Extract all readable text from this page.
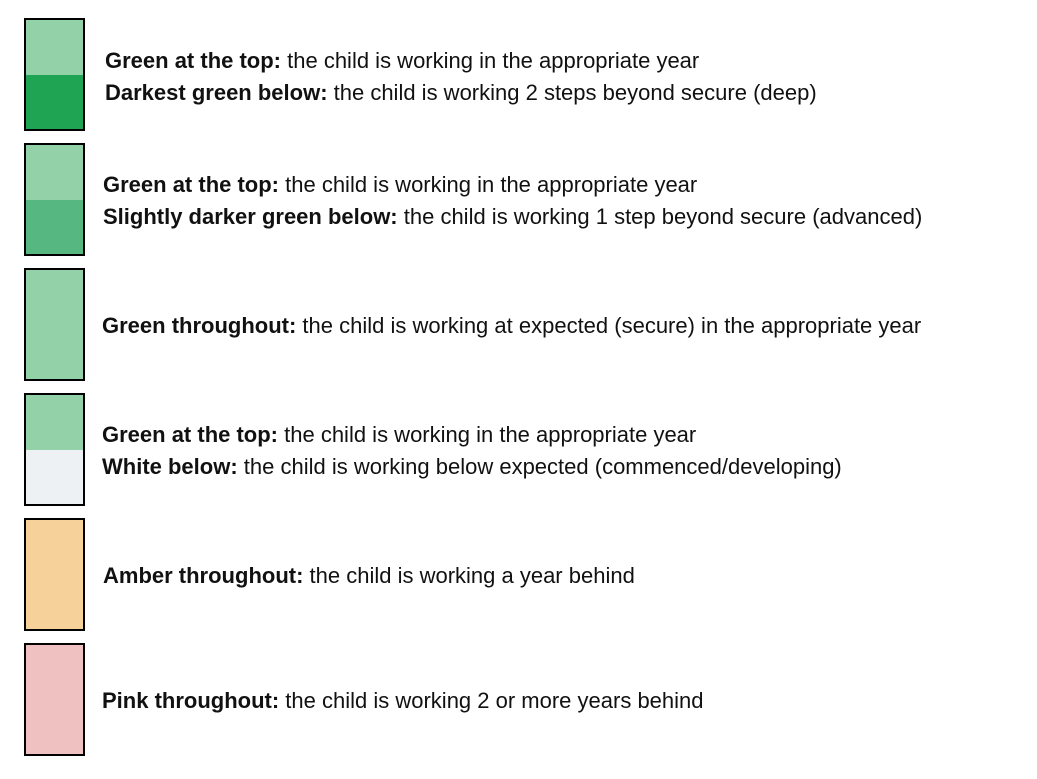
Green at the top: the child is working in the appropriate year
Darkest green below: the child is working 2 steps beyond secure (deep)
Green at the top: the child is working in the appropriate year
Slightly darker green below: the child is working 1 step beyond secure (advanced)
Green throughout: the child is working at expected (secure) in the appropriate year
Green at the top: the child is working in the appropriate year
White below: the child is working below expected (commenced/developing)
Amber throughout: the child is working a year behind
Pink throughout: the child is working 2 or more years behind
